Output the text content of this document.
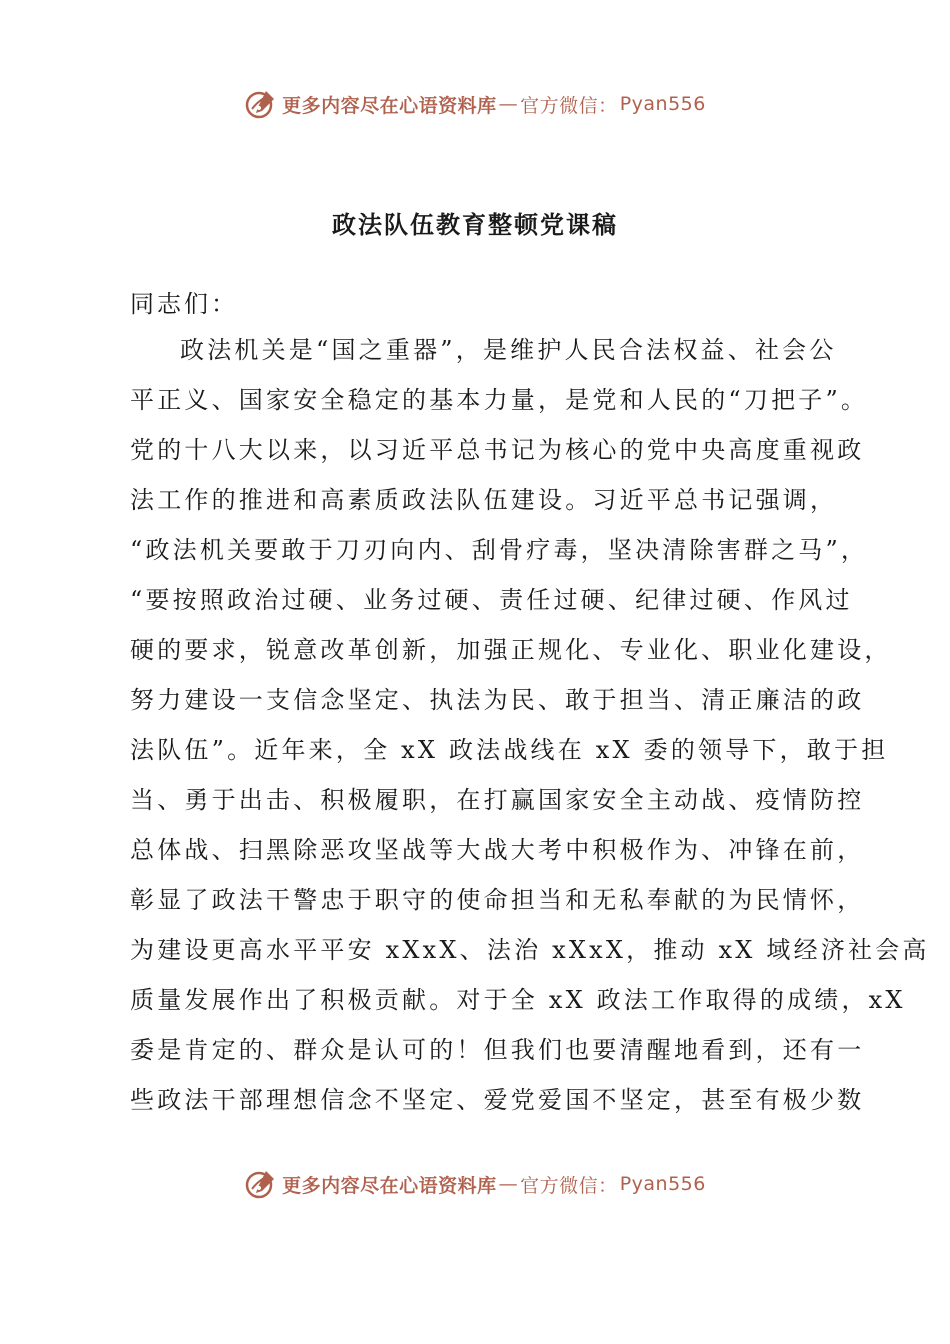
更多内容尽在心语资料库 — 官方微信： Pyan556
政法队伍教育整顿党课稿
同志们：
政法机关是“国之重器”，是维护人民合法权益、社会公
平正义、国家安全稳定的基本力量，是党和人民的“刀把子”。
党的十八大以来，以习近平总书记为核心的党中央高度重视政
法工作的推进和高素质政法队伍建设。习近平总书记强调，
“政法机关要敢于刀刃向内、刮骨疗毒，坚决清除害群之马”，
“要按照政治过硬、业务过硬、责任过硬、纪律过硬、作风过
硬的要求，锐意改革创新，加强正规化、专业化、职业化建设，
努力建设一支信念坚定、执法为民、敢于担当、清正廉洁的政
法队伍”。近年来，全 xX 政法战线在 xX 委的领导下，敢于担
当、勇于出击、积极履职，在打赢国家安全主动战、疫情防控
总体战、扫黑除恶攻坚战等大战大考中积极作为、冲锋在前，
彰显了政法干警忠于职守的使命担当和无私奉献的为民情怀，
为建设更高水平平安 xXxX、法治 xXxX，推动 xX 域经济社会高
质量发展作出了积极贡献。对于全 xX 政法工作取得的成绩，xX
委是肯定的、群众是认可的！但我们也要清醒地看到，还有一
些政法干部理想信念不坚定、爱党爱国不坚定，甚至有极少数
更多内容尽在心语资料库 — 官方微信： Pyan556
